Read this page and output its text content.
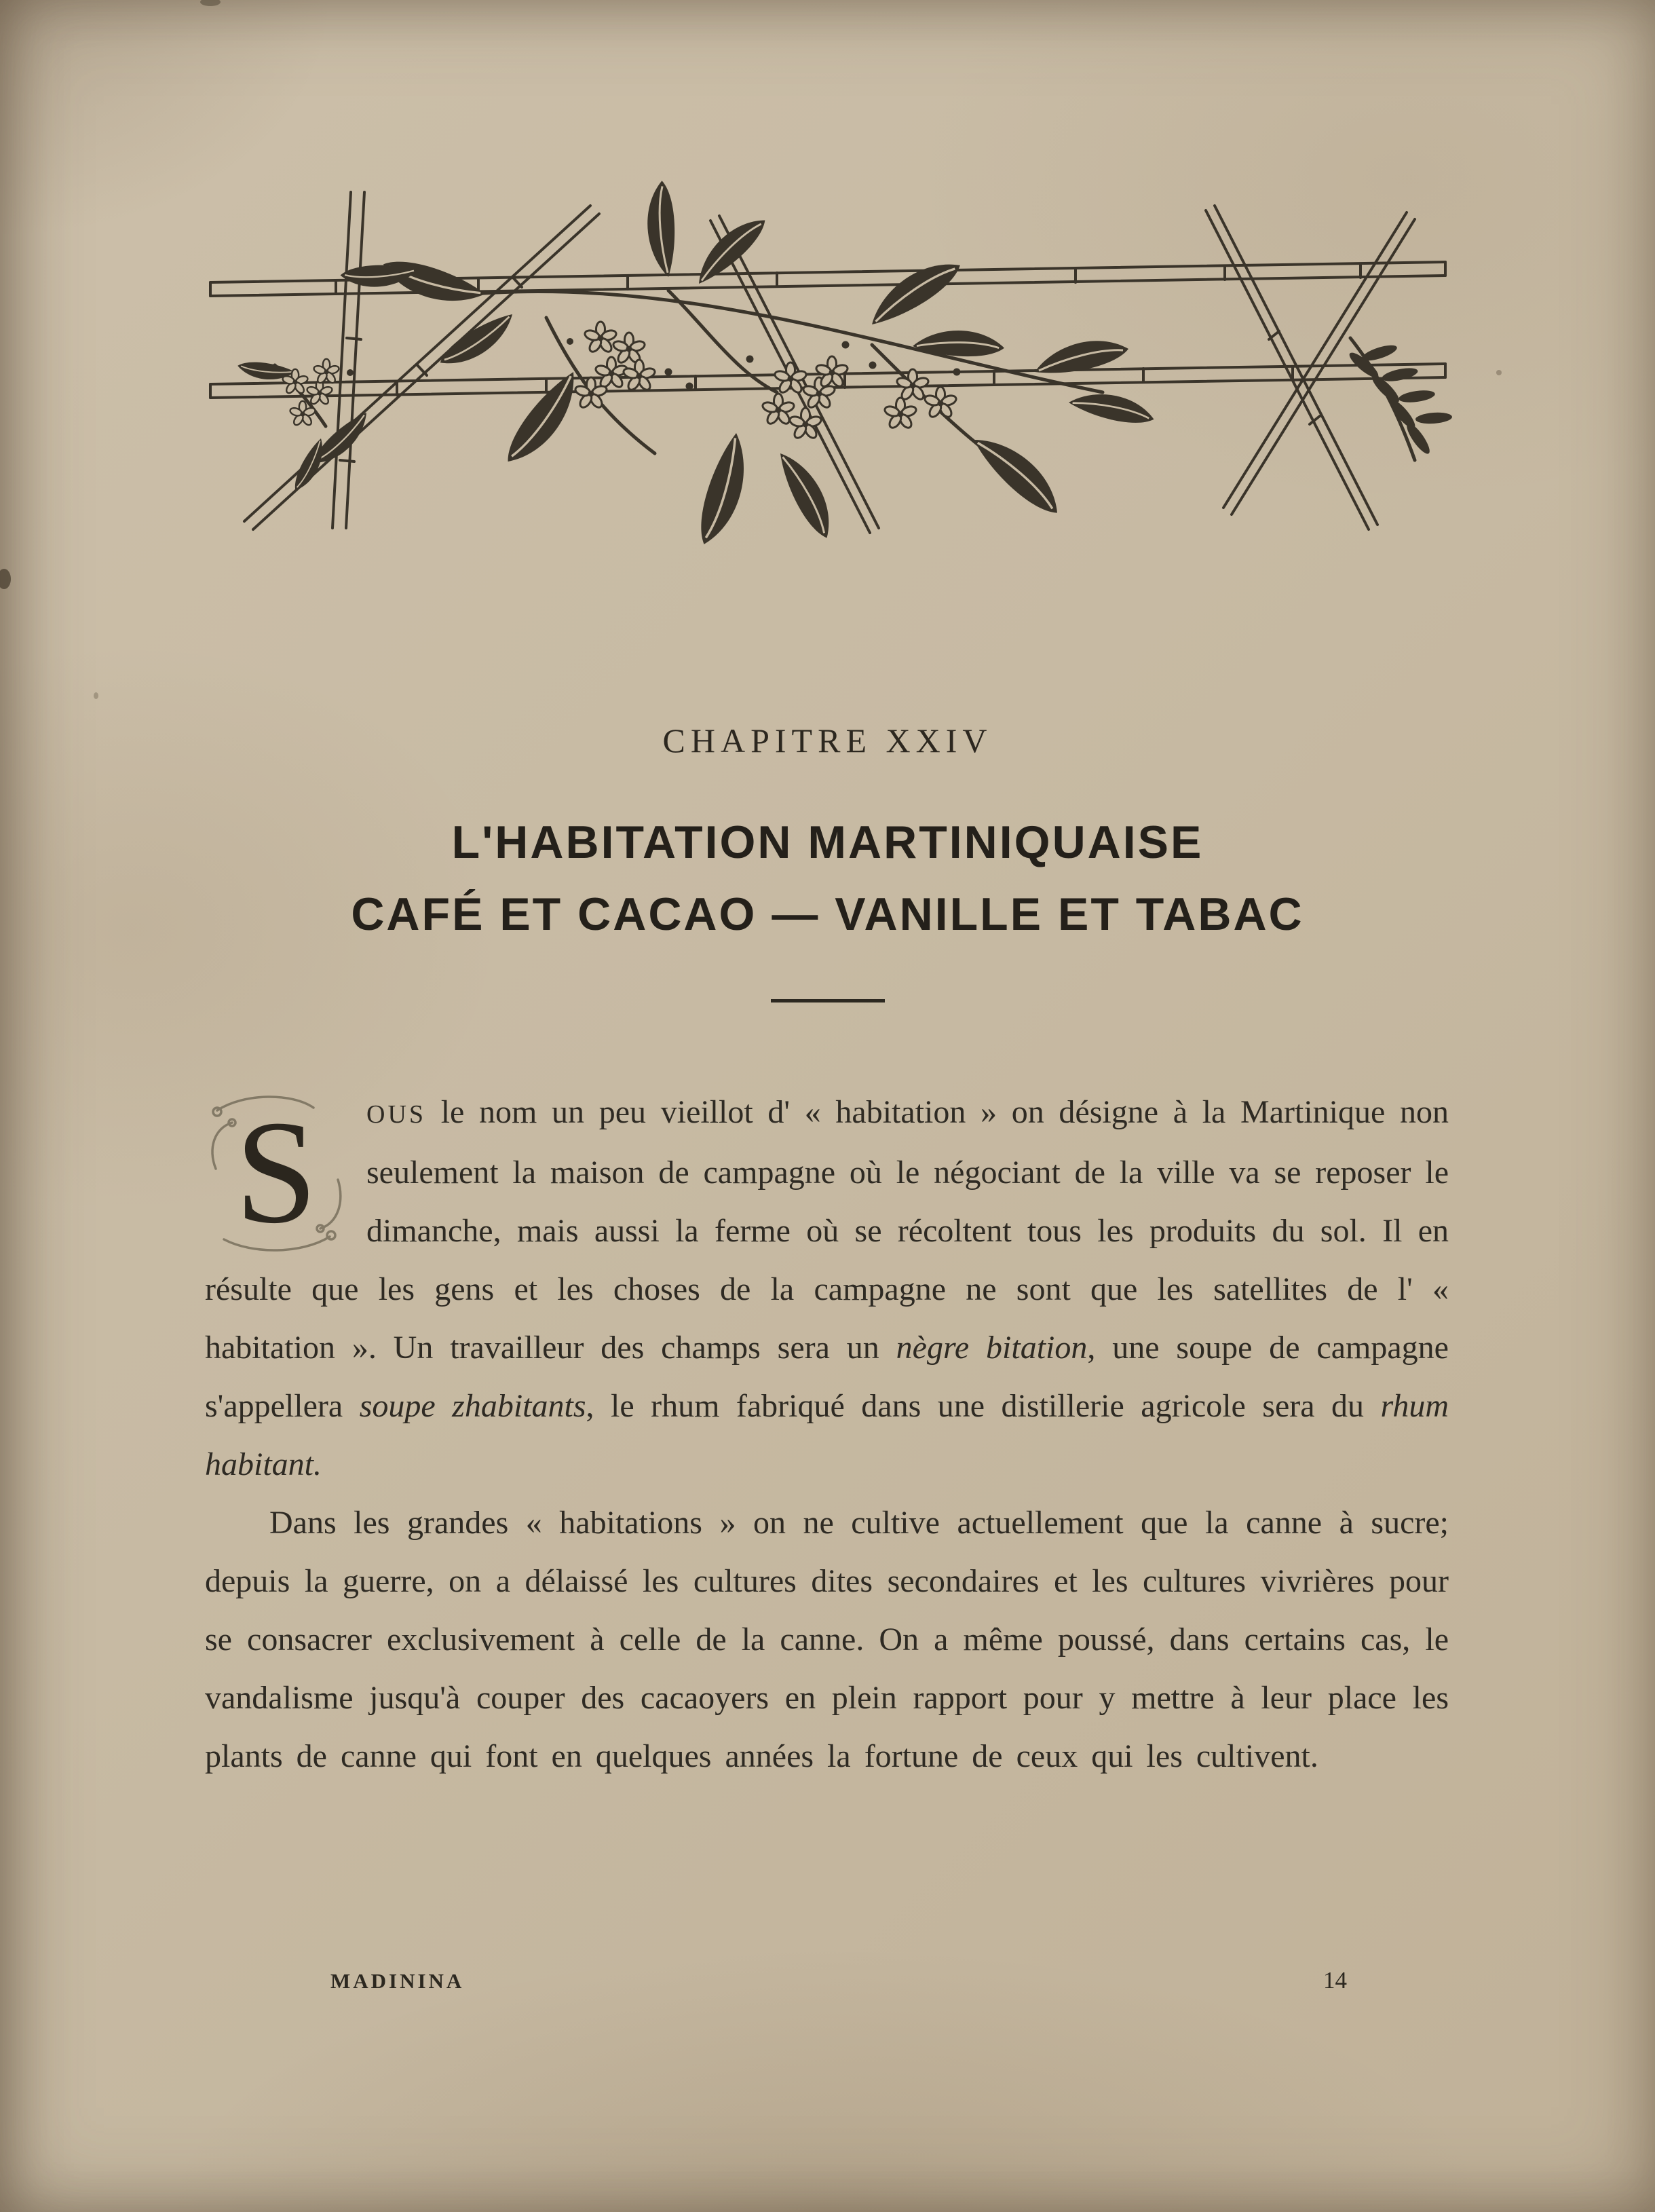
CHAPITRE XXIV
L'HABITATION MARTINIQUAISE
CAFÉ ET CACAO — VANILLE ET TABAC

S	OUS le nom un peu vieillot d' « habitation » on désigne à la Martinique non seulement la maison de campagne où le négociant de la ville va se reposer le dimanche, mais aussi la ferme où se récoltent tous les produits du sol. Il en résulte que les gens et les choses de la campagne ne sont que les satellites de l' « habitation ». Un travailleur des champs sera un nègre bitation, une soupe de campagne s'appellera soupe zhabitants, le rhum fabriqué dans une distillerie agricole sera du rhum habitant.

Dans les grandes « habitations » on ne cultive actuellement que la canne à sucre; depuis la guerre, on a délaissé les cultures dites secondaires et les cultures vivrières pour se consacrer exclusivement à celle de la canne. On a même poussé, dans certains cas, le vandalisme jusqu'à couper des cacaoyers en plein rapport pour y mettre à leur place les plants de canne qui font en quelques années la fortune de ceux qui les cultivent.

MADININA	14
